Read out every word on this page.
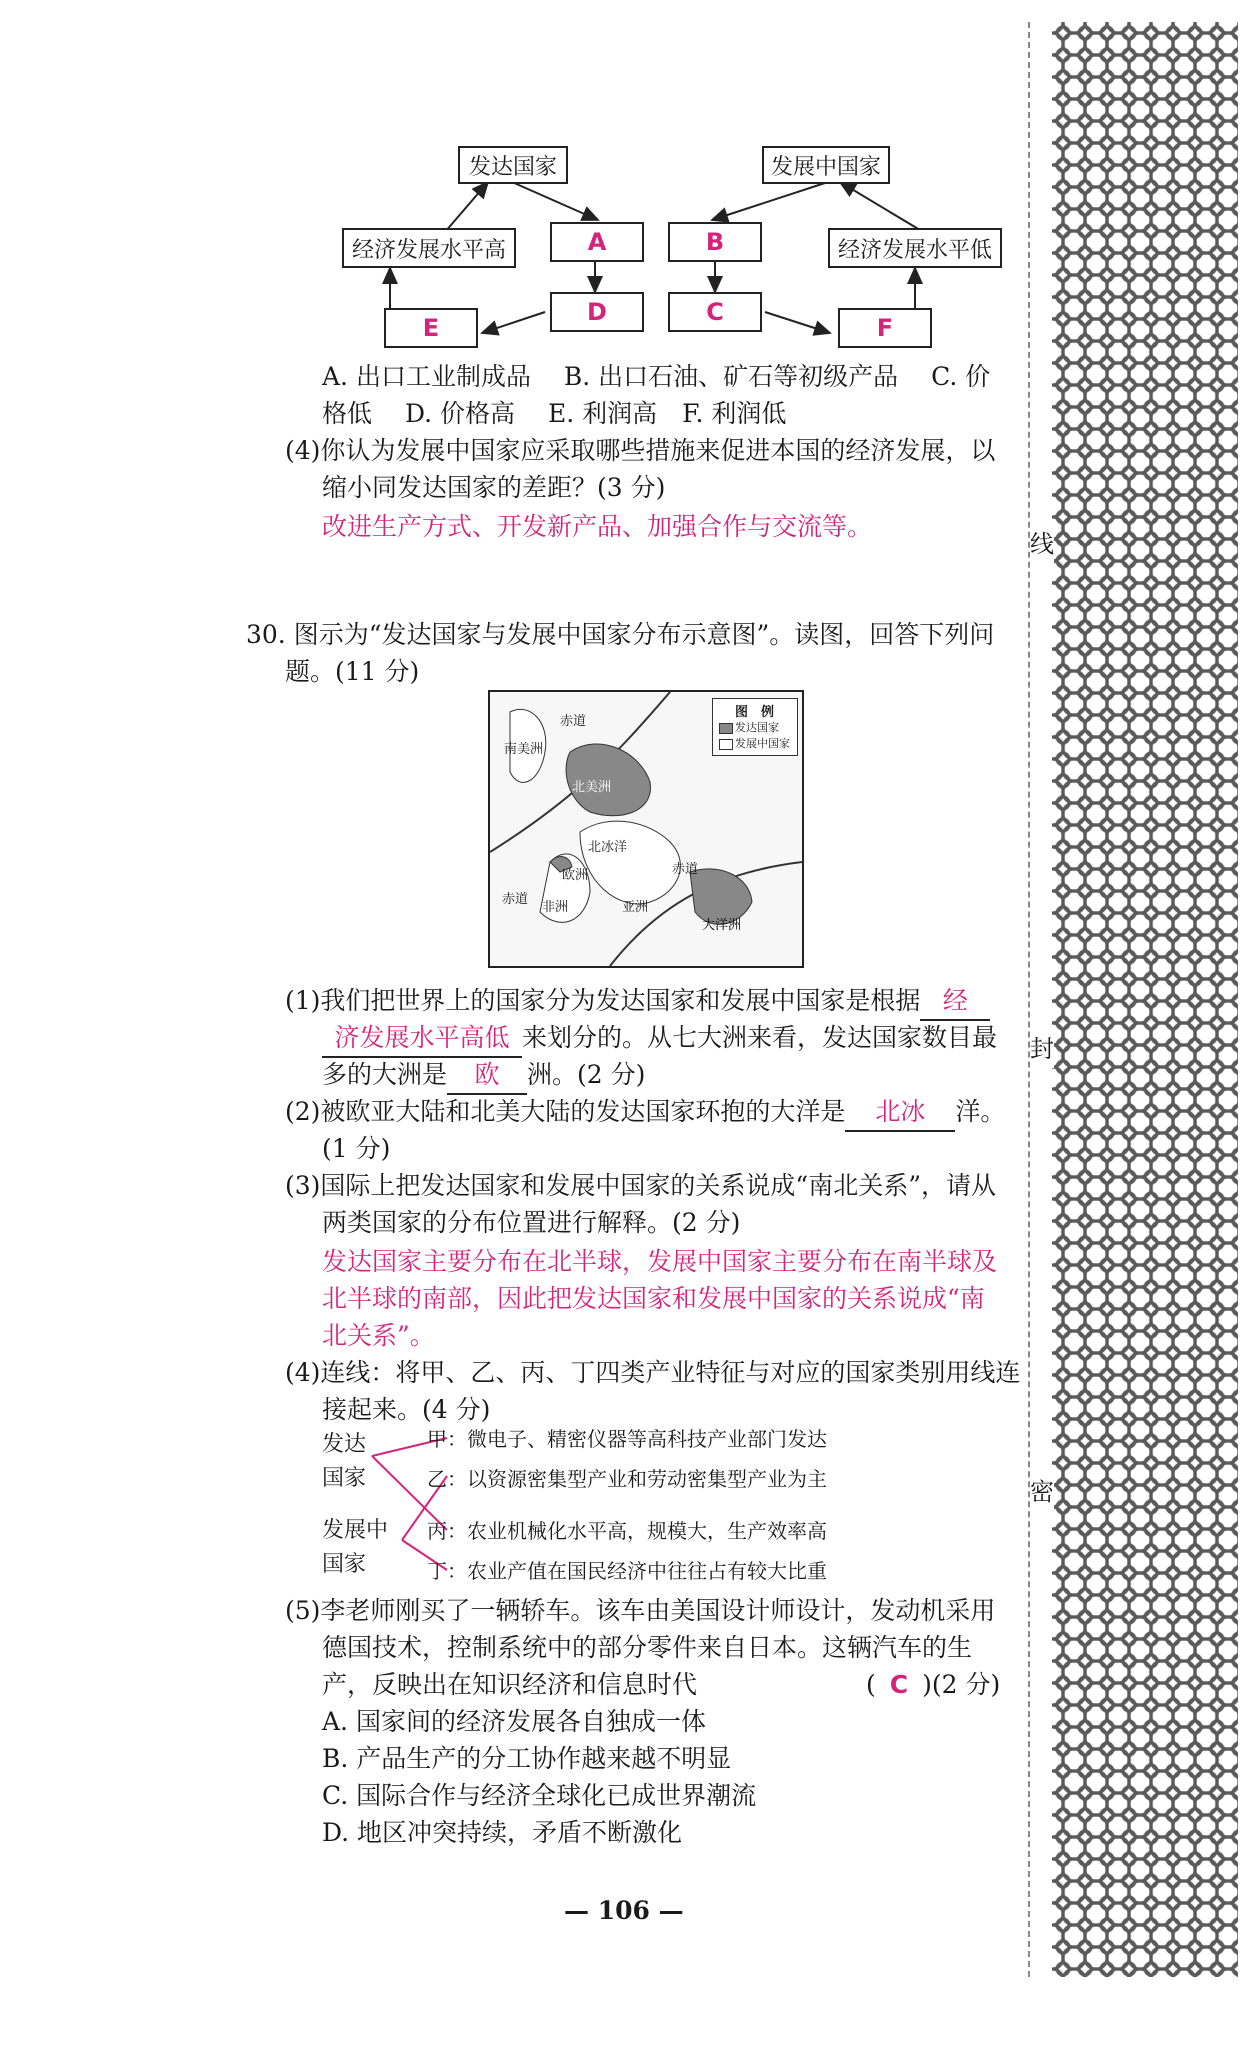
线
封
密
发达国家
经济发展水平高	A
D
E
发展中国家
B
C
经济发展水平低
F
A. 出口工业制成品　 B. 出口石油、矿石等初级产品　 C. 价
格低　 D. 价格高　 E. 利润高　F. 利润低
(4)你认为发展中国家应采取哪些措施来促进本国的经济发展，以
缩小同发达国家的差距？(3 分)
改进生产方式、开发新产品、加强合作与交流等。
30. 图示为“发达国家与发展中国家分布示意图”。读图，回答下列问
题。(11 分)
南美洲
赤道
北美洲
北冰洋
欧洲
非洲	亚洲
赤道
赤道
大洋洲
图　例
发达国家
发展中国家
(1)我们把世界上的国家分为发达国家和发展中国家是根据 经
济发展水平高低 来划分的。从七大洲来看，发达国家数目最
多的大洲是 欧 洲。(2 分)
(2)被欧亚大陆和北美大陆的发达国家环抱的大洋是 北冰 洋。
(1 分)
(3)国际上把发达国家和发展中国家的关系说成“南北关系”，请从
两类国家的分布位置进行解释。(2 分)
发达国家主要分布在北半球，发展中国家主要分布在南半球及
北半球的南部，因此把发达国家和发展中国家的关系说成“南
北关系”。
(4)连线：将甲、乙、丙、丁四类产业特征与对应的国家类别用线连
接起来。(4 分)
发达
国家
发展中
国家
甲：微电子、精密仪器等高科技产业部门发达
乙：以资源密集型产业和劳动密集型产业为主
丙：农业机械化水平高，规模大，生产效率高
丁：农业产值在国民经济中往往占有较大比重
(5)李老师刚买了一辆轿车。该车由美国设计师设计，发动机采用
德国技术，控制系统中的部分零件来自日本。这辆汽车的生
产，反映出在知识经济和信息时代	( C )(2 分)
A. 国家间的经济发展各自独成一体
B. 产品生产的分工协作越来越不明显
C. 国际合作与经济全球化已成世界潮流
D. 地区冲突持续，矛盾不断激化
— 106 —
